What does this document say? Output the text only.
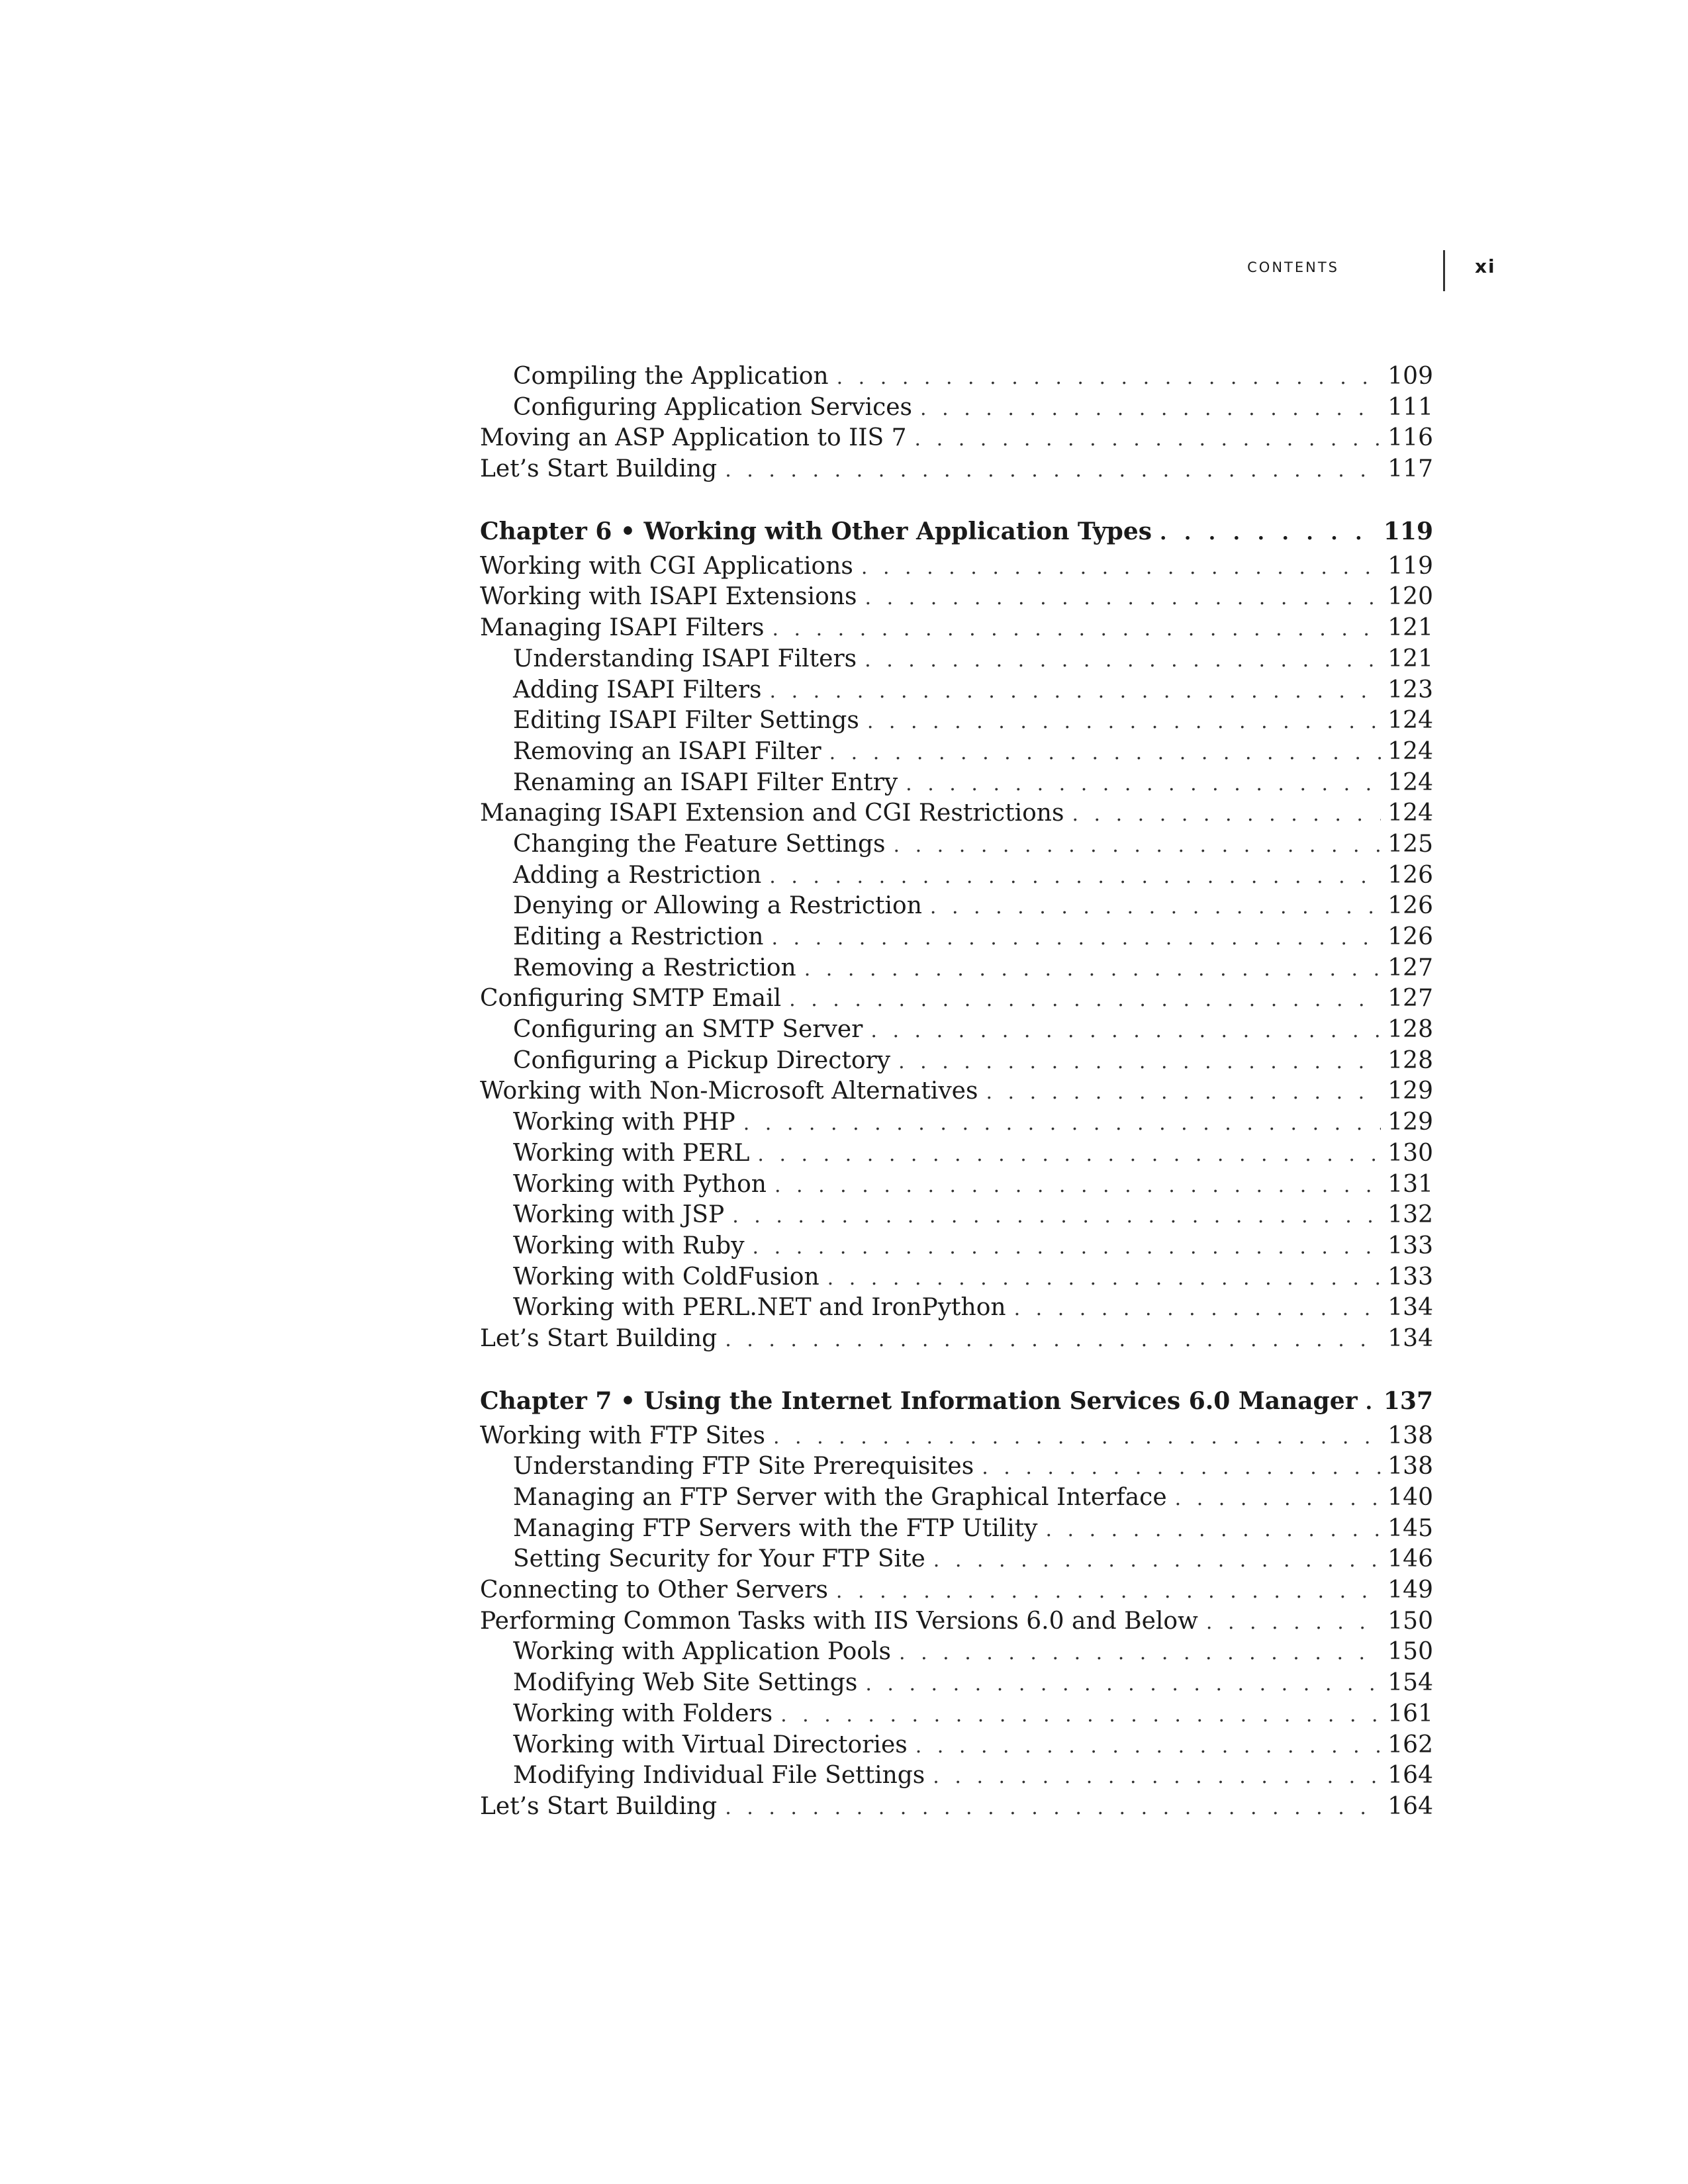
contents	xi
Compiling the Application . . .	109
Configuring Application Services . . .	111
Moving an ASP Application to IIS 7 . . .	116
Let’s Start Building . . .	117
Chapter 6 • Working with Other Application Types . . .	119
Working with CGI Applications . . .	119
Working with ISAPI Extensions . . .	120
Managing ISAPI Filters . . .	121
Understanding ISAPI Filters . . .	121
Adding ISAPI Filters . . .	123
Editing ISAPI Filter Settings . . .	124
Removing an ISAPI Filter . . .	124
Renaming an ISAPI Filter Entry . . .	124
Managing ISAPI Extension and CGI Restrictions . . .	124
Changing the Feature Settings . . .	125
Adding a Restriction . . .	126
Denying or Allowing a Restriction . . .	126
Editing a Restriction . . .	126
Removing a Restriction . . .	127
Configuring SMTP Email . . .	127
Configuring an SMTP Server . . .	128
Configuring a Pickup Directory . . .	128
Working with Non-Microsoft Alternatives . . .	129
Working with PHP . . .	129
Working with PERL . . .	130
Working with Python . . .	131
Working with JSP . . .	132
Working with Ruby . . .	133
Working with ColdFusion . . .	133
Working with PERL.NET and IronPython . . .	134
Let’s Start Building . . .	134
Chapter 7 • Using the Internet Information Services 6.0 Manager . . .	137
Working with FTP Sites . . .	138
Understanding FTP Site Prerequisites . . .	138
Managing an FTP Server with the Graphical Interface . . .	140
Managing FTP Servers with the FTP Utility . . .	145
Setting Security for Your FTP Site . . .	146
Connecting to Other Servers . . .	149
Performing Common Tasks with IIS Versions 6.0 and Below . . .	150
Working with Application Pools . . .	150
Modifying Web Site Settings . . .	154
Working with Folders . . .	161
Working with Virtual Directories . . .	162
Modifying Individual File Settings . . .	164
Let’s Start Building . . .	164
